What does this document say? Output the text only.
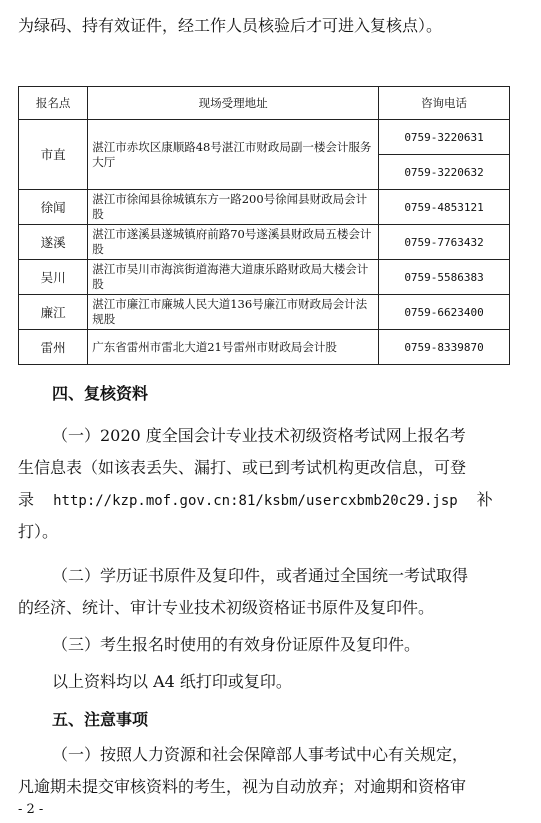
为绿码、持有效证件，经工作人员核验后才可进入复核点）。
报名点	现场受理地址	咨询电话
市直	湛江市赤坎区康顺路48号湛江市财政局副一楼会计服务大厅	0759-3220631
		0759-3220632
徐闻	湛江市徐闻县徐城镇东方一路200号徐闻县财政局会计股	0759-4853121
遂溪	湛江市遂溪县遂城镇府前路70号遂溪县财政局五楼会计股	0759-7763432
吴川	湛江市吴川市海滨街道海港大道康乐路财政局大楼会计股	0759-5586383
廉江	湛江市廉江市廉城人民大道136号廉江市财政局会计法规股	0759-6623400
雷州	广东省雷州市雷北大道21号雷州市财政局会计股	0759-8339870
四、复核资料
（一）2020 度全国会计专业技术初级资格考试网上报名考
生信息表（如该表丢失、漏打、或已到考试机构更改信息，可登
录 http://kzp.mof.gov.cn:81/ksbm/usercxbmb20c29.jsp 补
打）。
（二）学历证书原件及复印件，或者通过全国统一考试取得
的经济、统计、审计专业技术初级资格证书原件及复印件。
（三）考生报名时使用的有效身份证原件及复印件。
以上资料均以 A4 纸打印或复印。
五、注意事项
（一）按照人力资源和社会保障部人事考试中心有关规定，
凡逾期未提交审核资料的考生，视为自动放弃；对逾期和资格审
- 2 -
